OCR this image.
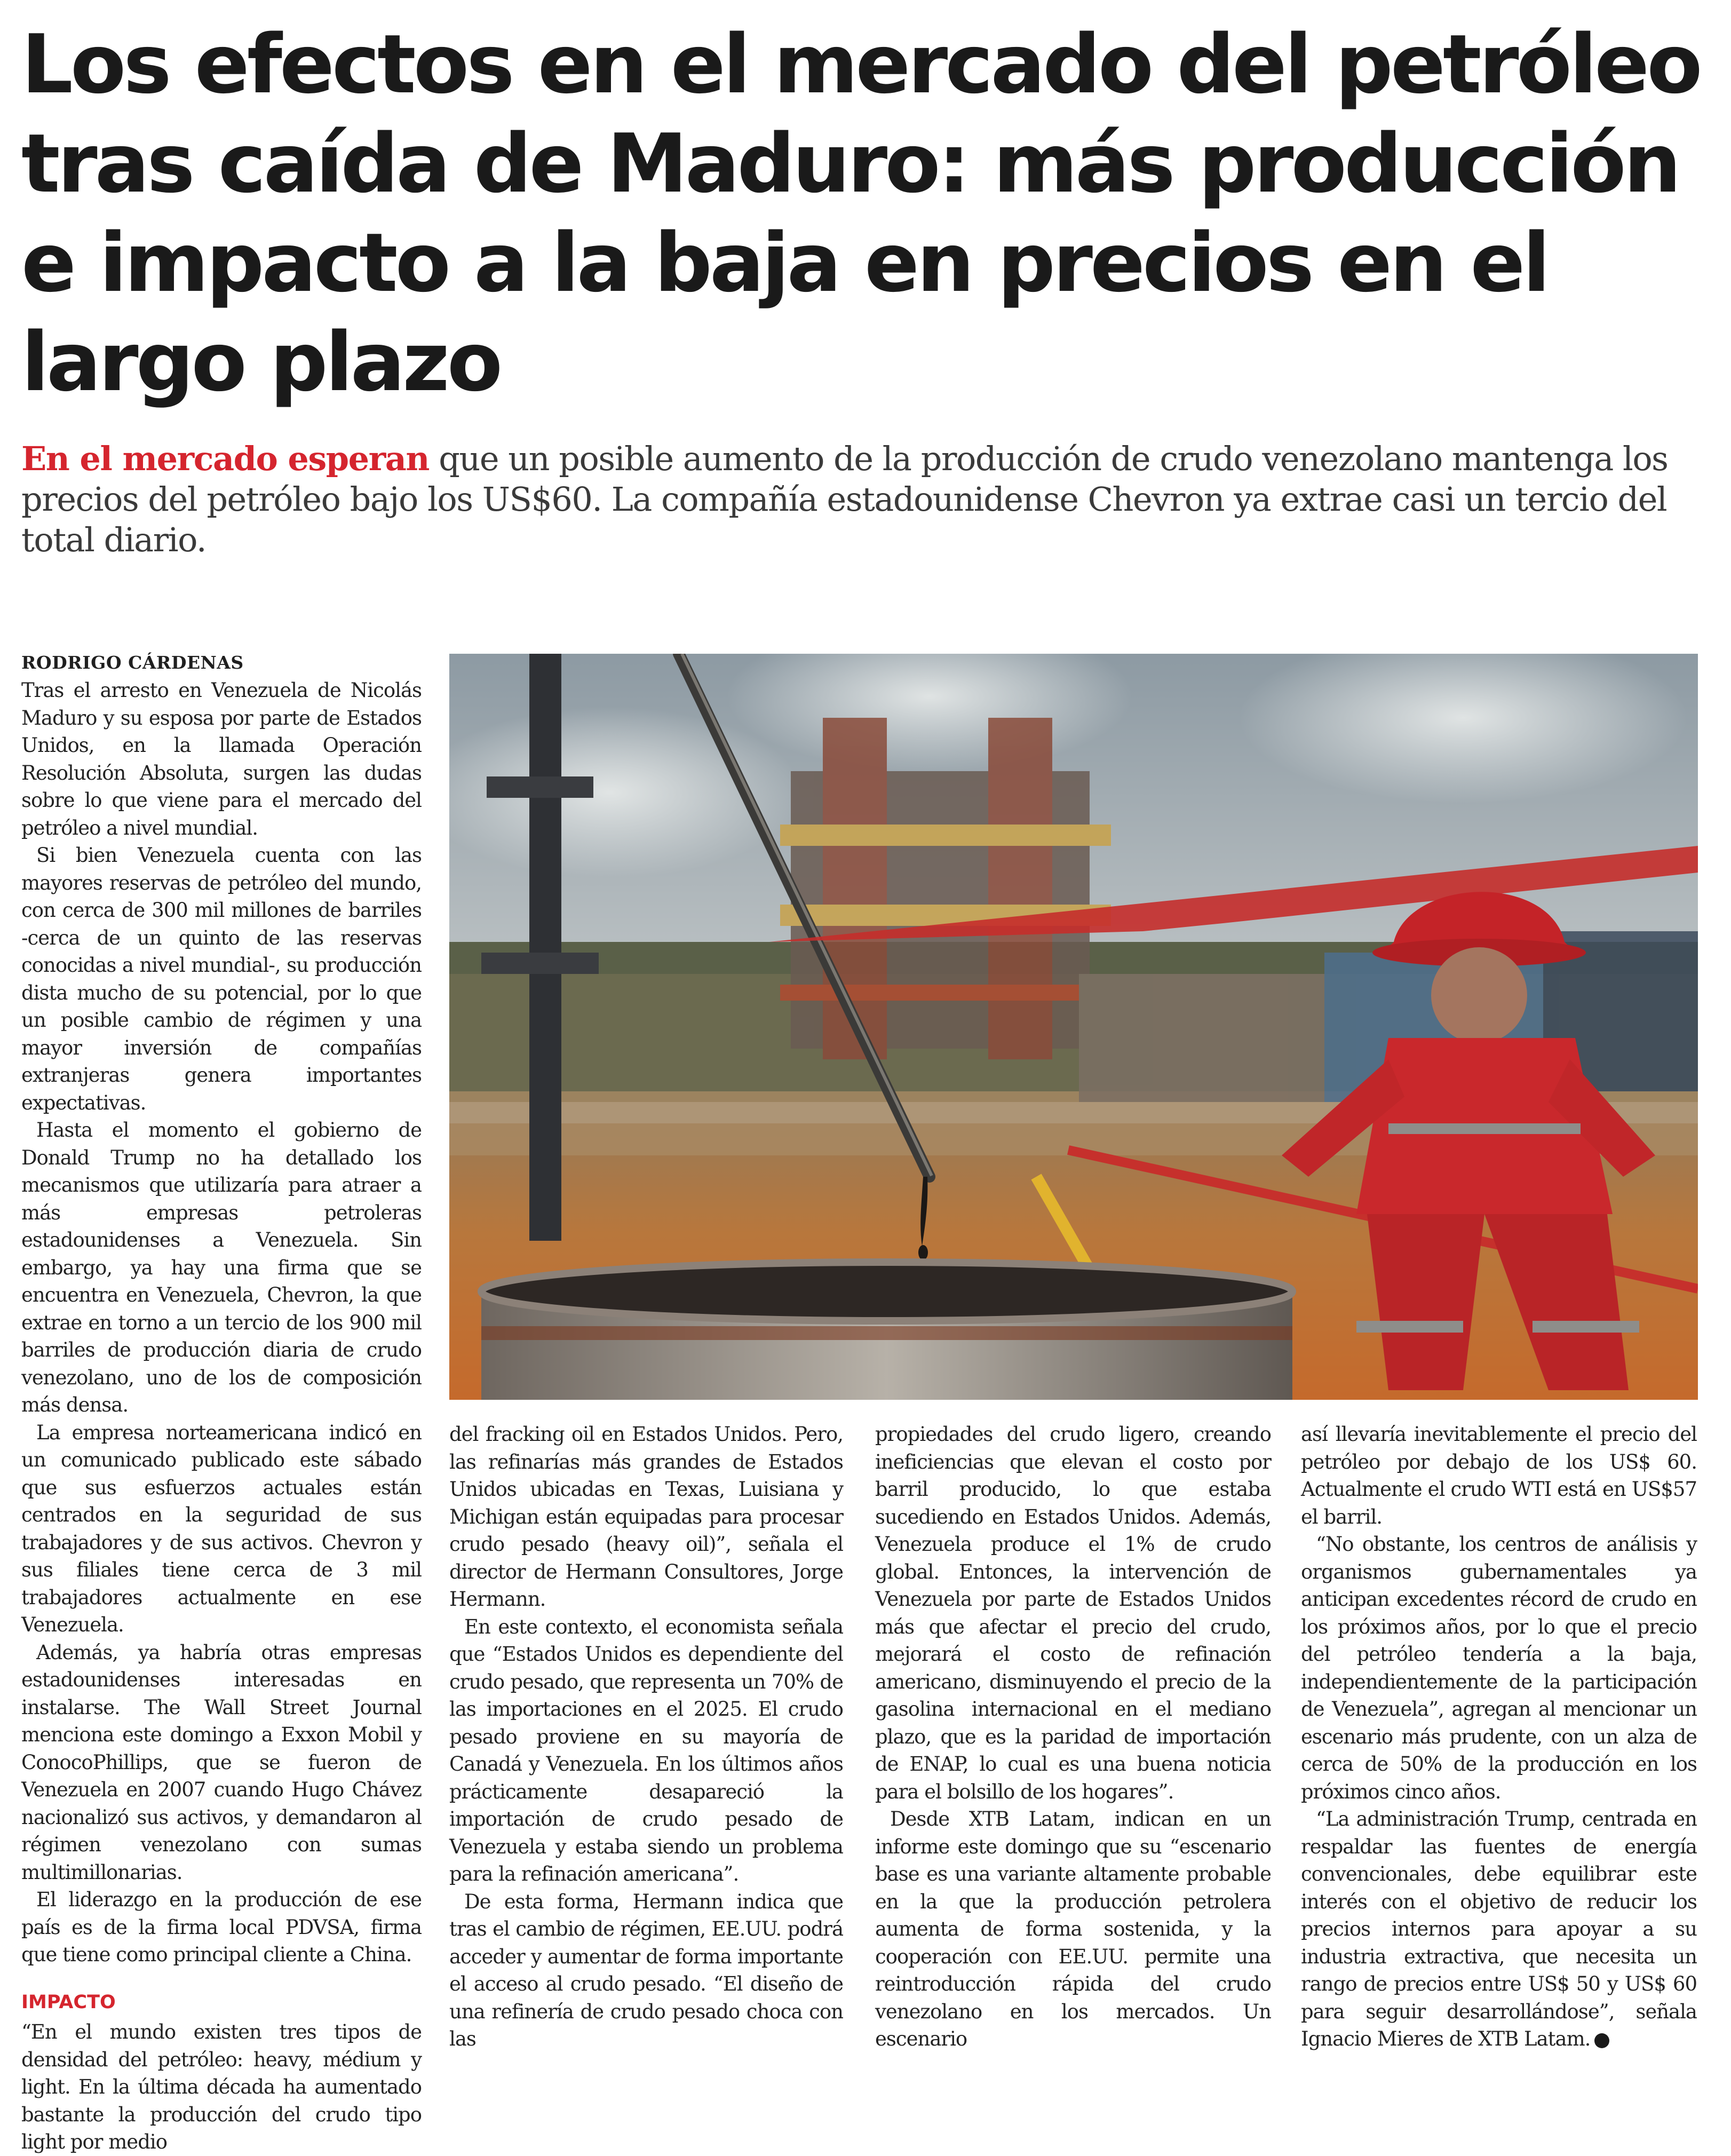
Los efectos en el mercado del petróleo tras caída de Maduro: más producción e impacto a la baja en precios en el largo plazo

En el mercado esperan que un posible aumento de la producción de crudo venezolano mantenga los precios del petróleo bajo los US$60. La compañía estadounidense Chevron ya extrae casi un tercio del total diario.

RODRIGO CÁRDENAS

Tras el arresto en Venezuela de Nicolás Maduro y su esposa por parte de Estados Unidos, en la llamada Operación Resolución Absoluta, surgen las dudas sobre lo que viene para el mercado del petróleo a nivel mundial.

Si bien Venezuela cuenta con las mayores reservas de petróleo del mundo, con cerca de 300 mil millones de barriles -cerca de un quinto de las reservas conocidas a nivel mundial-, su producción dista mucho de su potencial, por lo que un posible cambio de régimen y una mayor inversión de compañías extranjeras genera importantes expectativas.

Hasta el momento el gobierno de Donald Trump no ha detallado los mecanismos que utilizaría para atraer a más empresas petroleras estadounidenses a Venezuela. Sin embargo, ya hay una firma que se encuentra en Venezuela, Chevron, la que extrae en torno a un tercio de los 900 mil barriles de producción diaria de crudo venezolano, uno de los de composición más densa.

La empresa norteamericana indicó en un comunicado publicado este sábado que sus esfuerzos actuales están centrados en la seguridad de sus trabajadores y de sus activos. Chevron y sus filiales tiene cerca de 3 mil trabajadores actualmente en ese Venezuela.

Además, ya habría otras empresas estadounidenses interesadas en instalarse. The Wall Street Journal menciona este domingo a Exxon Mobil y ConocoPhillips, que se fueron de Venezuela en 2007 cuando Hugo Chávez nacionalizó sus activos, y demandaron al régimen venezolano con sumas multimillonarias.

El liderazgo en la producción de ese país es de la firma local PDVSA, firma que tiene como principal cliente a China.

IMPACTO

“En el mundo existen tres tipos de densidad del petróleo: heavy, médium y light. En la última década ha aumentado bastante la producción del crudo tipo light por medio

del fracking oil en Estados Unidos. Pero, las refinarías más grandes de Estados Unidos ubicadas en Texas, Luisiana y Michigan están equipadas para procesar crudo pesado (heavy oil)”, señala el director de Hermann Consultores, Jorge Hermann.

En este contexto, el economista señala que “Estados Unidos es dependiente del crudo pesado, que representa un 70% de las importaciones en el 2025. El crudo pesado proviene en su mayoría de Canadá y Venezuela. En los últimos años prácticamente desapareció la importación de crudo pesado de Venezuela y estaba siendo un problema para la refinación americana”.

De esta forma, Hermann indica que tras el cambio de régimen, EE.UU. podrá acceder y aumentar de forma importante el acceso al crudo pesado. “El diseño de una refinería de crudo pesado choca con las

propiedades del crudo ligero, creando ineficiencias que elevan el costo por barril producido, lo que estaba sucediendo en Estados Unidos. Además, Venezuela produce el 1% de crudo global. Entonces, la intervención de Venezuela por parte de Estados Unidos más que afectar el precio del crudo, mejorará el costo de refinación americano, disminuyendo el precio de la gasolina internacional en el mediano plazo, que es la paridad de importación de ENAP, lo cual es una buena noticia para el bolsillo de los hogares”.

Desde XTB Latam, indican en un informe este domingo que su “escenario base es una variante altamente probable en la que la producción petrolera aumenta de forma sostenida, y la cooperación con EE.UU. permite una reintroducción rápida del crudo venezolano en los mercados. Un escenario

así llevaría inevitablemente el precio del petróleo por debajo de los US$ 60. Actualmente el crudo WTI está en US$57 el barril.

“No obstante, los centros de análisis y organismos gubernamentales ya anticipan excedentes récord de crudo en los próximos años, por lo que el precio del petróleo tendería a la baja, independientemente de la participación de Venezuela”, agregan al mencionar un escenario más prudente, con un alza de cerca de 50% de la producción en los próximos cinco años.

“La administración Trump, centrada en respaldar las fuentes de energía convencionales, debe equilibrar este interés con el objetivo de reducir los precios internos para apoyar a su industria extractiva, que necesita un rango de precios entre US$ 50 y US$ 60 para seguir desarrollándose”, señala Ignacio Mieres de XTB Latam.
